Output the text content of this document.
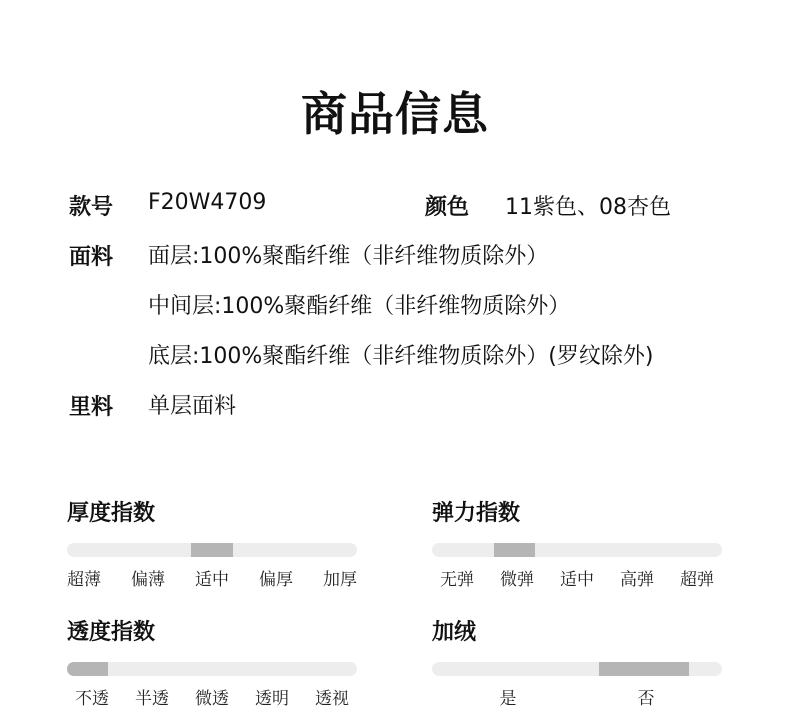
商品信息
款号 F20W4709	颜色 11紫色、08杏色
面料 面层:100%聚酯纤维（非纤维物质除外）
中间层:100%聚酯纤维（非纤维物质除外）
底层:100%聚酯纤维（非纤维物质除外）(罗纹除外)
里料 单层面料
厚度指数
超薄 偏薄 适中 偏厚 加厚
弹力指数
无弹 微弹 适中 高弹 超弹
透度指数
不透 半透 微透 透明 透视
加绒
是	否
